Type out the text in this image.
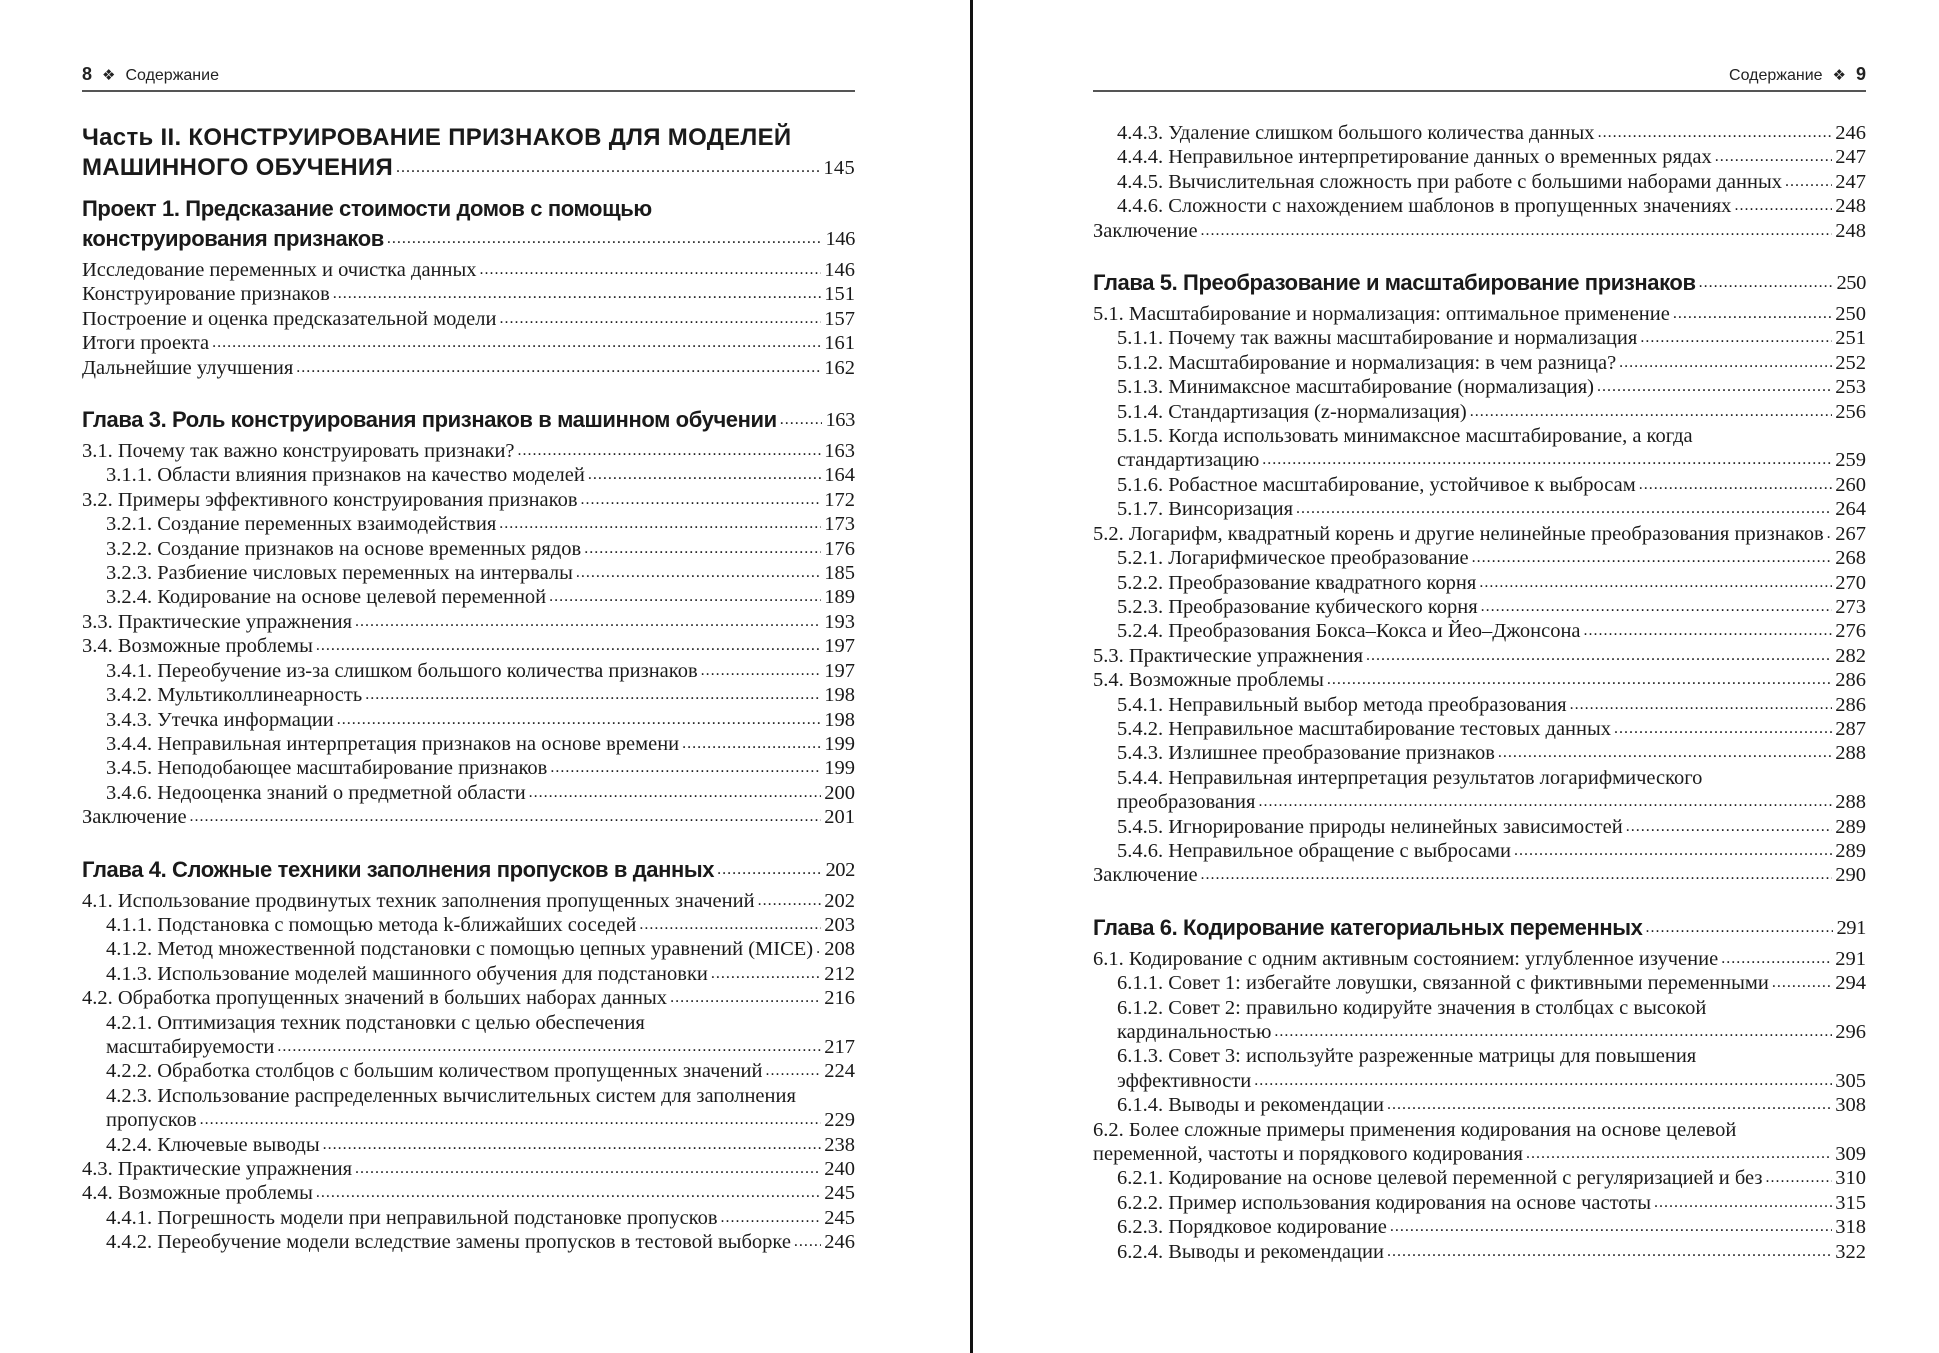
8 ❖ Содержание
Часть II. КОНСТРУИРОВАНИЕ ПРИЗНАКОВ ДЛЯ МОДЕЛЕЙ МАШИННОГО ОБУЧЕНИЯ . . .	145
Проект 1. Предсказание стоимости домов с помощью конструирования признаков . . .	146
Исследование переменных и очистка данных . . .	146
Конструирование признаков . . .	151
Построение и оценка предсказательной модели . . .	157
Итоги проекта . . .	161
Дальнейшие улучшения . . .	162
Глава 3. Роль конструирования признаков в машинном обучении . . . 163
3.1. Почему так важно конструировать признаки? . . .	163
3.1.1. Области влияния признаков на качество моделей . . .	164
3.2. Примеры эффективного конструирования признаков . . .	172
3.2.1. Создание переменных взаимодействия . . .	173
3.2.2. Создание признаков на основе временных рядов . . .	176
3.2.3. Разбиение числовых переменных на интервалы . . .	185
3.2.4. Кодирование на основе целевой переменной . . .	189
3.3. Практические упражнения . . .	193
3.4. Возможные проблемы . . .	197
3.4.1. Переобучение из-за слишком большого количества признаков . . .	197
3.4.2. Мультиколлинеарность . . .	198
3.4.3. Утечка информации . . .	198
3.4.4. Неправильная интерпретация признаков на основе времени . . .	199
3.4.5. Неподобающее масштабирование признаков . . .	199
3.4.6. Недооценка знаний о предметной области . . .	200
Заключение . . .	201
Глава 4. Сложные техники заполнения пропусков в данных . . .	202
4.1. Использование продвинутых техник заполнения пропущенных значений . . .	202
4.1.1. Подстановка с помощью метода k-ближайших соседей . . .	203
4.1.2. Метод множественной подстановки с помощью цепных уравнений (MICE) . . . 208
4.1.3. Использование моделей машинного обучения для подстановки . . .	212
4.2. Обработка пропущенных значений в больших наборах данных . . .	216
4.2.1. Оптимизация техник подстановки с целью обеспечения масштабируемости . . .	217
4.2.2. Обработка столбцов с большим количеством пропущенных значений . . .	224
4.2.3. Использование распределенных вычислительных систем для заполнения пропусков . . .	229
4.2.4. Ключевые выводы . . .	238
4.3. Практические упражнения . . .	240
4.4. Возможные проблемы . . .	245
4.4.1. Погрешность модели при неправильной подстановке пропусков . . .	245
4.4.2. Переобучение модели вследствие замены пропусков в тестовой выборке . . . 246
Содержание ❖ 9
4.4.3. Удаление слишком большого количества данных . . .	246
4.4.4. Неправильное интерпретирование данных о временных рядах . . .	247
4.4.5. Вычислительная сложность при работе с большими наборами данных . . .	247
4.4.6. Сложности с нахождением шаблонов в пропущенных значениях . . .	248
Заключение . . .	248
Глава 5. Преобразование и масштабирование признаков . . .	250
5.1. Масштабирование и нормализация: оптимальное применение . . .	250
5.1.1. Почему так важны масштабирование и нормализация . . .	251
5.1.2. Масштабирование и нормализация: в чем разница? . . .	252
5.1.3. Минимаксное масштабирование (нормализация) . . .	253
5.1.4. Стандартизация (z-нормализация) . . .	256
5.1.5. Когда использовать минимаксное масштабирование, а когда стандартизацию . . .	259
5.1.6. Робастное масштабирование, устойчивое к выбросам . . .	260
5.1.7. Винсоризация . . .	264
5.2. Логарифм, квадратный корень и другие нелинейные преобразования признаков . . . 267
5.2.1. Логарифмическое преобразование . . .	268
5.2.2. Преобразование квадратного корня . . .	270
5.2.3. Преобразование кубического корня . . .	273
5.2.4. Преобразования Бокса–Кокса и Йео–Джонсона . . .	276
5.3. Практические упражнения . . .	282
5.4. Возможные проблемы . . .	286
5.4.1. Неправильный выбор метода преобразования . . .	286
5.4.2. Неправильное масштабирование тестовых данных . . .	287
5.4.3. Излишнее преобразование признаков . . .	288
5.4.4. Неправильная интерпретация результатов логарифмического преобразования . . .	288
5.4.5. Игнорирование природы нелинейных зависимостей . . .	289
5.4.6. Неправильное обращение с выбросами . . .	289
Заключение . . .	290
Глава 6. Кодирование категориальных переменных . . .	291
6.1. Кодирование с одним активным состоянием: углубленное изучение . . .	291
6.1.1. Совет 1: избегайте ловушки, связанной с фиктивными переменными . . .	294
6.1.2. Совет 2: правильно кодируйте значения в столбцах с высокой кардинальностью . . .	296
6.1.3. Совет 3: используйте разреженные матрицы для повышения эффективности . . .	305
6.1.4. Выводы и рекомендации . . .	308
6.2. Более сложные примеры применения кодирования на основе целевой переменной, частоты и порядкового кодирования . . .	309
6.2.1. Кодирование на основе целевой переменной с регуляризацией и без . . .	310
6.2.2. Пример использования кодирования на основе частоты . . .	315
6.2.3. Порядковое кодирование . . .	318
6.2.4. Выводы и рекомендации . . .	322
